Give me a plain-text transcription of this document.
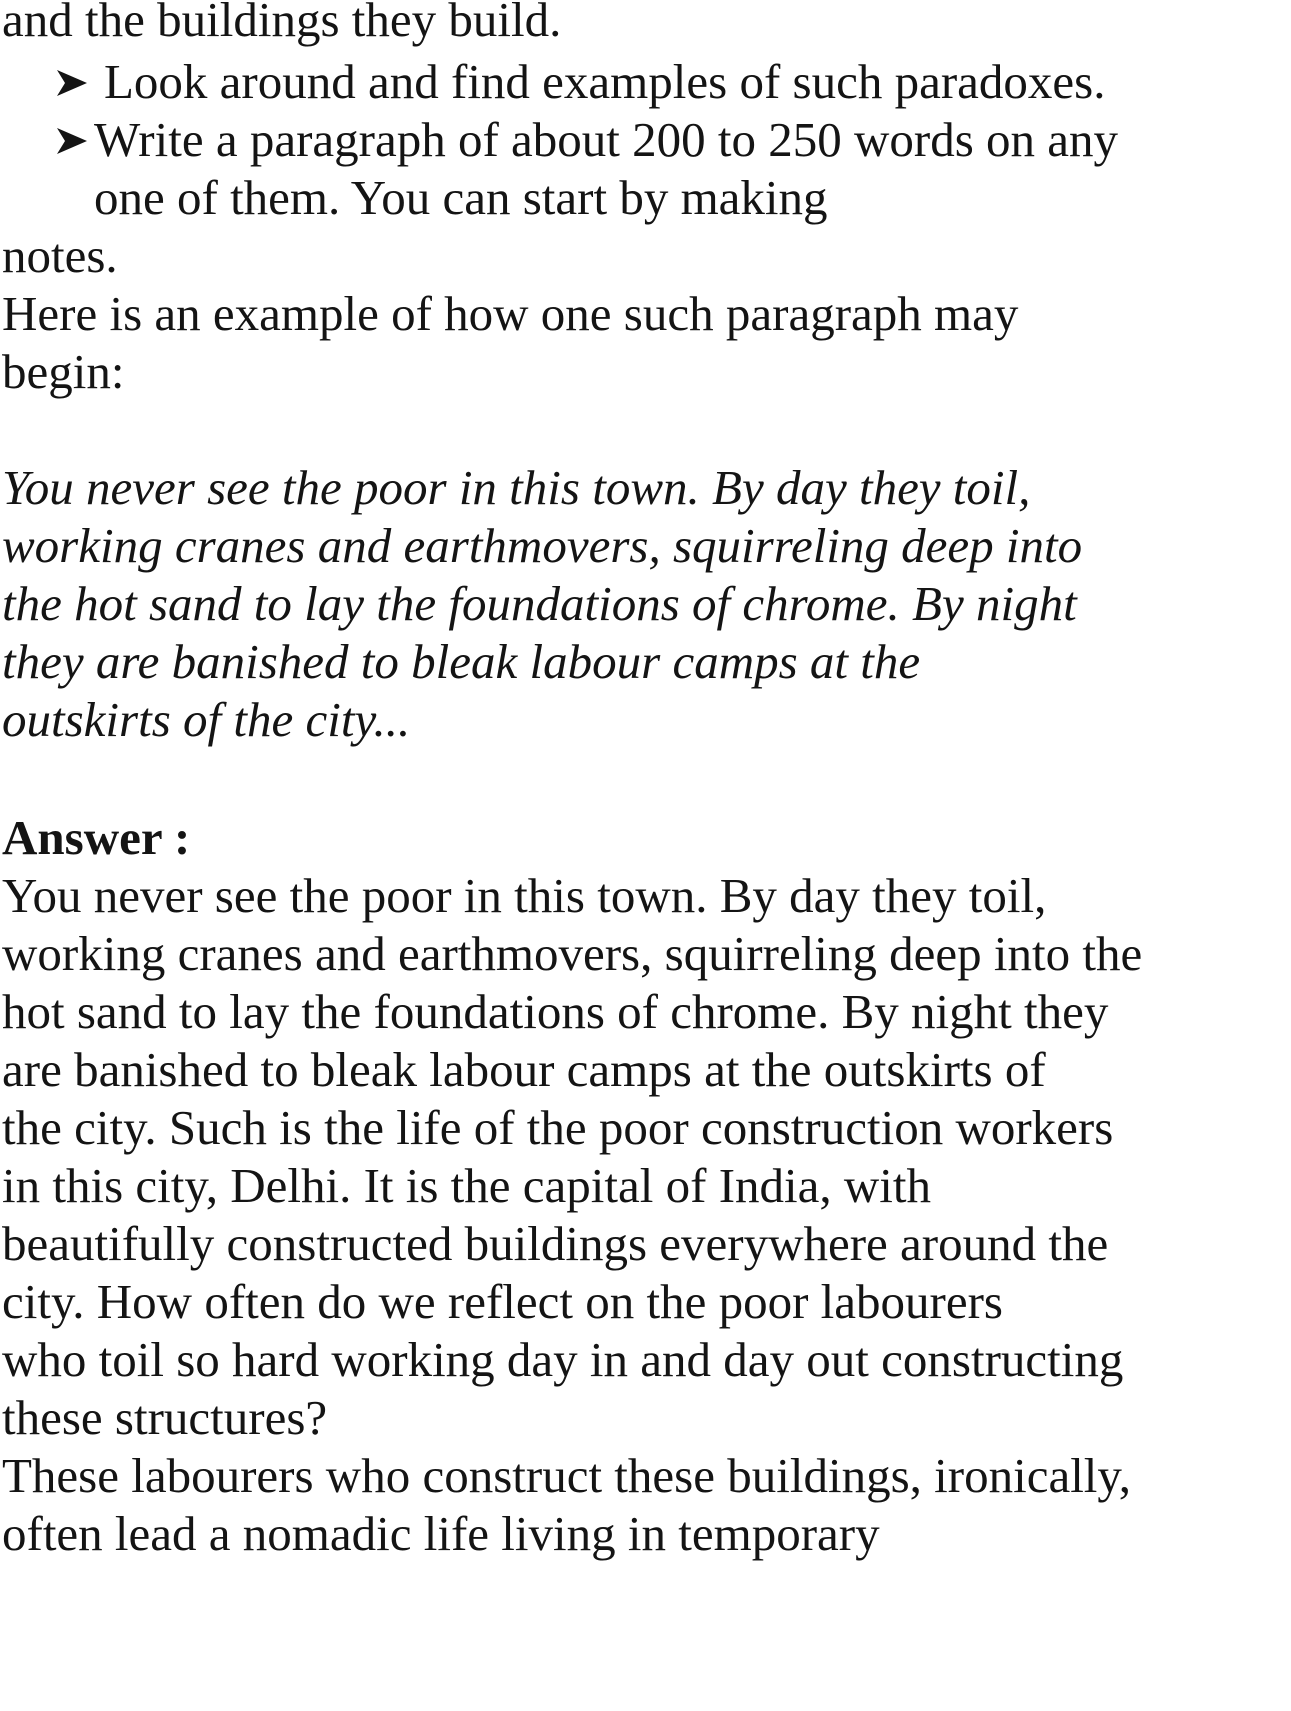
and the buildings they build.
Look around and find examples of such paradoxes.
Write a paragraph of about 200 to 250 words on any
one of them. You can start by making
notes.
Here is an example of how one such paragraph may
begin:
You never see the poor in this town. By day they toil,
working cranes and earthmovers, squirreling deep into
the hot sand to lay the foundations of chrome. By night
they are banished to bleak labour camps at the
outskirts of the city...
Answer :
You never see the poor in this town. By day they toil,
working cranes and earthmovers, squirreling deep into the
hot sand to lay the foundations of chrome. By night they
are banished to bleak labour camps at the outskirts of
the city. Such is the life of the poor construction workers
in this city, Delhi. It is the capital of India, with
beautifully constructed buildings everywhere around the
city. How often do we reflect on the poor labourers
who toil so hard working day in and day out constructing
these structures?
These labourers who construct these buildings, ironically,
often lead a nomadic life living in temporary
